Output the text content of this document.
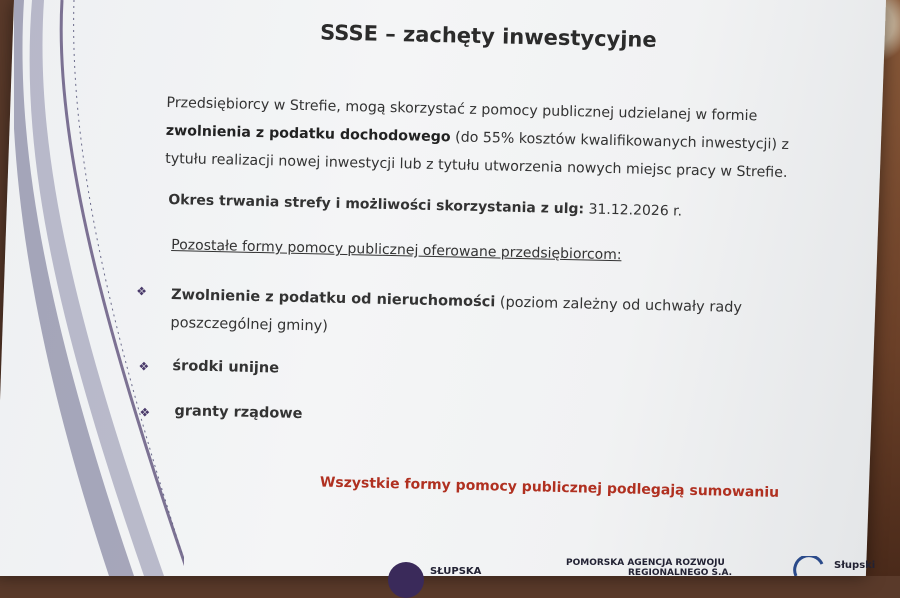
SSSE – zachęty inwestycyjne
Przedsiębiorcy w Strefie, mogą skorzystać z pomocy publicznej udzielanej w formie zwolnienia z podatku dochodowego (do 55% kosztów kwalifikowanych inwestycji) z tytułu realizacji nowej inwestycji lub z tytułu utworzenia nowych miejsc pracy w Strefie.
Okres trwania strefy i możliwości skorzystania z ulg: 31.12.2026 r.
Pozostałe formy pomocy publicznej oferowane przedsiębiorcom:
❖ Zwolnienie z podatku od nieruchomości (poziom zależny od uchwały rady poszczególnej gminy)
❖ środki unijne
❖ granty rządowe
Wszystkie formy pomocy publicznej podlegają sumowaniu
SŁUPSKA
POMORSKA AGENCJA ROZWOJU
REGIONALNEGO S.A.
Słupski
